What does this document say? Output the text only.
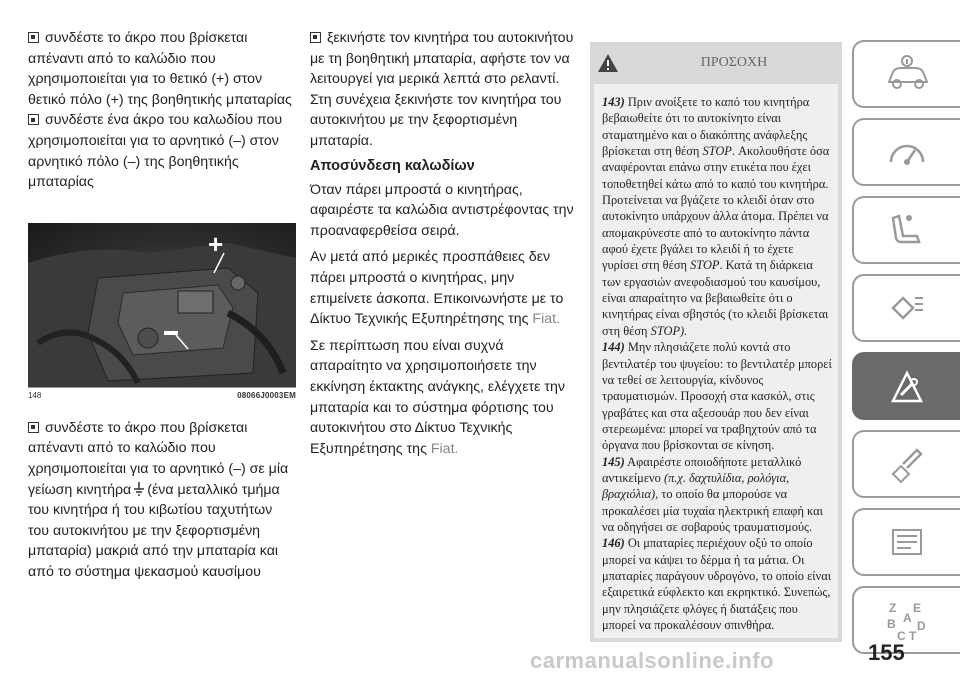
συνδέστε το άκρο που βρίσκεται απέναντι από το καλώδιο που χρησιμοποιείται για το θετικό (+) στον θετικό πόλο (+) της βοηθητικής μπαταρίας
συνδέστε ένα άκρο του καλωδίου που χρησιμοποιείται για το αρνητικό (–) στον αρνητικό πόλο (–) της βοηθητικής μπαταρίας
+
148	08066J0003EM
συνδέστε το άκρο που βρίσκεται απέναντι από το καλώδιο που χρησιμοποιείται για το αρνητικό (–) σε μία γείωση κινητήρα (ένα μεταλλικό τμήμα του κινητήρα ή του κιβωτίου ταχυτήτων του αυτοκινήτου με την ξεφορτισμένη μπαταρία) μακριά από την μπαταρία και από το σύστημα ψεκασμού καυσίμου
ξεκινήστε τον κινητήρα του αυτοκινήτου με τη βοηθητική μπαταρία, αφήστε τον να λειτουργεί για μερικά λεπτά στο ρελαντί. Στη συνέχεια ξεκινήστε τον κινητήρα του αυτοκινήτου με την ξεφορτισμένη μπαταρία.
Αποσύνδεση καλωδίων

Όταν πάρει μπροστά ο κινητήρας, αφαιρέστε τα καλώδια αντιστρέφοντας την προαναφερθείσα σειρά.

Αν μετά από μερικές προσπάθειες δεν πάρει μπροστά ο κινητήρας, μην επιμείνετε άσκοπα. Επικοινωνήστε με το Δίκτυο Τεχνικής Εξυπηρέτησης της Fiat.

Σε περίπτωση που είναι συχνά απαραίτητο να χρησιμοποιήσετε την εκκίνηση έκτακτης ανάγκης, ελέγχετε την μπαταρία και το σύστημα φόρτισης του αυτοκινήτου στο Δίκτυο Τεχνικής Εξυπηρέτησης της Fiat.

ΠΡΟΣΟΧΗ
143) Πριν ανοίξετε το καπό του κινητήρα βεβαιωθείτε ότι το αυτοκίνητο είναι σταματημένο και ο διακόπτης ανάφλεξης βρίσκεται στη θέση STOP. Ακολουθήστε όσα αναφέρονται επάνω στην ετικέτα που έχει τοποθετηθεί κάτω από το καπό του κινητήρα. Προτείνεται να βγάζετε το κλειδί όταν στο αυτοκίνητο υπάρχουν άλλα άτομα. Πρέπει να απομακρύνεστε από το αυτοκίνητο πάντα αφού έχετε βγάλει το κλειδί ή το έχετε γυρίσει στη θέση STOP. Κατά τη διάρκεια των εργασιών ανεφοδιασμού του καυσίμου, είναι απαραίτητο να βεβαιωθείτε ότι ο κινητήρας είναι σβηστός (το κλειδί βρίσκεται στη θέση STOP).
144) Μην πλησιάζετε πολύ κοντά στο βεντιλατέρ του ψυγείου: το βεντιλατέρ μπορεί να τεθεί σε λειτουργία, κίνδυνος τραυματισμών. Προσοχή στα κασκόλ, στις γραβάτες και στα αξεσουάρ που δεν είναι στερεωμένα: μπορεί να τραβηχτούν από τα όργανα που βρίσκονται σε κίνηση.
145) Αφαιρέστε οποιοδήποτε μεταλλικό αντικείμενο (π.χ. δαχτυλίδια, ρολόγια, βραχιόλια), το οποίο θα μπορούσε να προκαλέσει μία τυχαία ηλεκτρική επαφή και να οδηγήσει σε σοβαρούς τραυματισμούς.
146) Οι μπαταρίες περιέχουν οξύ το οποίο μπορεί να κάψει το δέρμα ή τα μάτια. Οι μπαταρίες παράγουν υδρογόνο, το οποίο είναι εξαιρετικά εύφλεκτο και εκρηκτικό. Συνεπώς, μην πλησιάζετε φλόγες ή διατάξεις που μπορεί να προκαλέσουν σπινθήρα.
Z E
B A
D
C T
carmanualsonline.info	155
